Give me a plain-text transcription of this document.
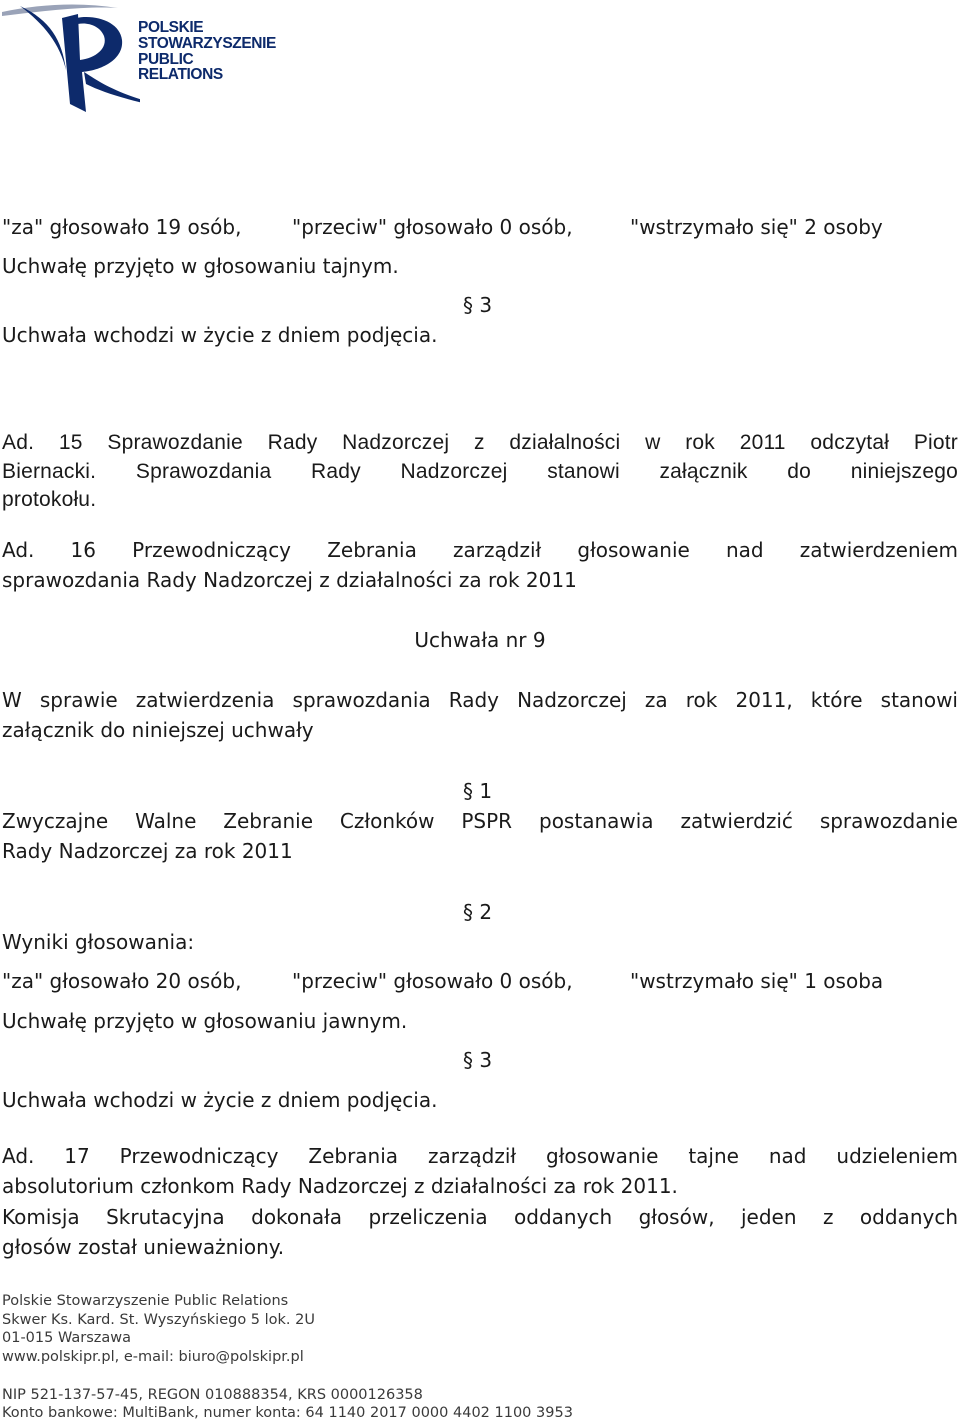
POLSKIE
STOWARZYSZENIE
PUBLIC
RELATIONS
"za" głosowało 19 osób,	"przeciw" głosowało 0 osób,	"wstrzymało się" 2 osoby
Uchwałę przyjęto w głosowaniu tajnym.
§ 3
Uchwała wchodzi w życie z dniem podjęcia.
Ad. 15 Sprawozdanie Rady Nadzorczej z działalności w rok 2011 odczytał Piotr
Biernacki. Sprawozdania Rady Nadzorczej stanowi załącznik do niniejszego
protokołu.
Ad. 16 Przewodniczący Zebrania zarządził głosowanie nad zatwierdzeniem
sprawozdania Rady Nadzorczej z działalności za rok 2011
Uchwała nr 9
W sprawie zatwierdzenia sprawozdania Rady Nadzorczej za rok 2011, które stanowi
załącznik do niniejszej uchwały
§ 1
Zwyczajne Walne Zebranie Członków PSPR postanawia zatwierdzić sprawozdanie
Rady Nadzorczej za rok 2011
§ 2
Wyniki głosowania:
"za" głosowało 20 osób,	"przeciw" głosowało 0 osób,	"wstrzymało się" 1 osoba
Uchwałę przyjęto w głosowaniu jawnym.
§ 3
Uchwała wchodzi w życie z dniem podjęcia.
Ad. 17 Przewodniczący Zebrania zarządził głosowanie tajne nad udzieleniem
absolutorium członkom Rady Nadzorczej z działalności za rok 2011.
Komisja Skrutacyjna dokonała przeliczenia oddanych głosów, jeden z oddanych
głosów został unieważniony.
Polskie Stowarzyszenie Public Relations
Skwer Ks. Kard. St. Wyszyńskiego 5 lok. 2U
01-015 Warszawa
www.polskipr.pl, e-mail: biuro@polskipr.pl
NIP 521-137-57-45, REGON 010888354, KRS 0000126358
Konto bankowe: MultiBank, numer konta: 64 1140 2017 0000 4402 1100 3953
